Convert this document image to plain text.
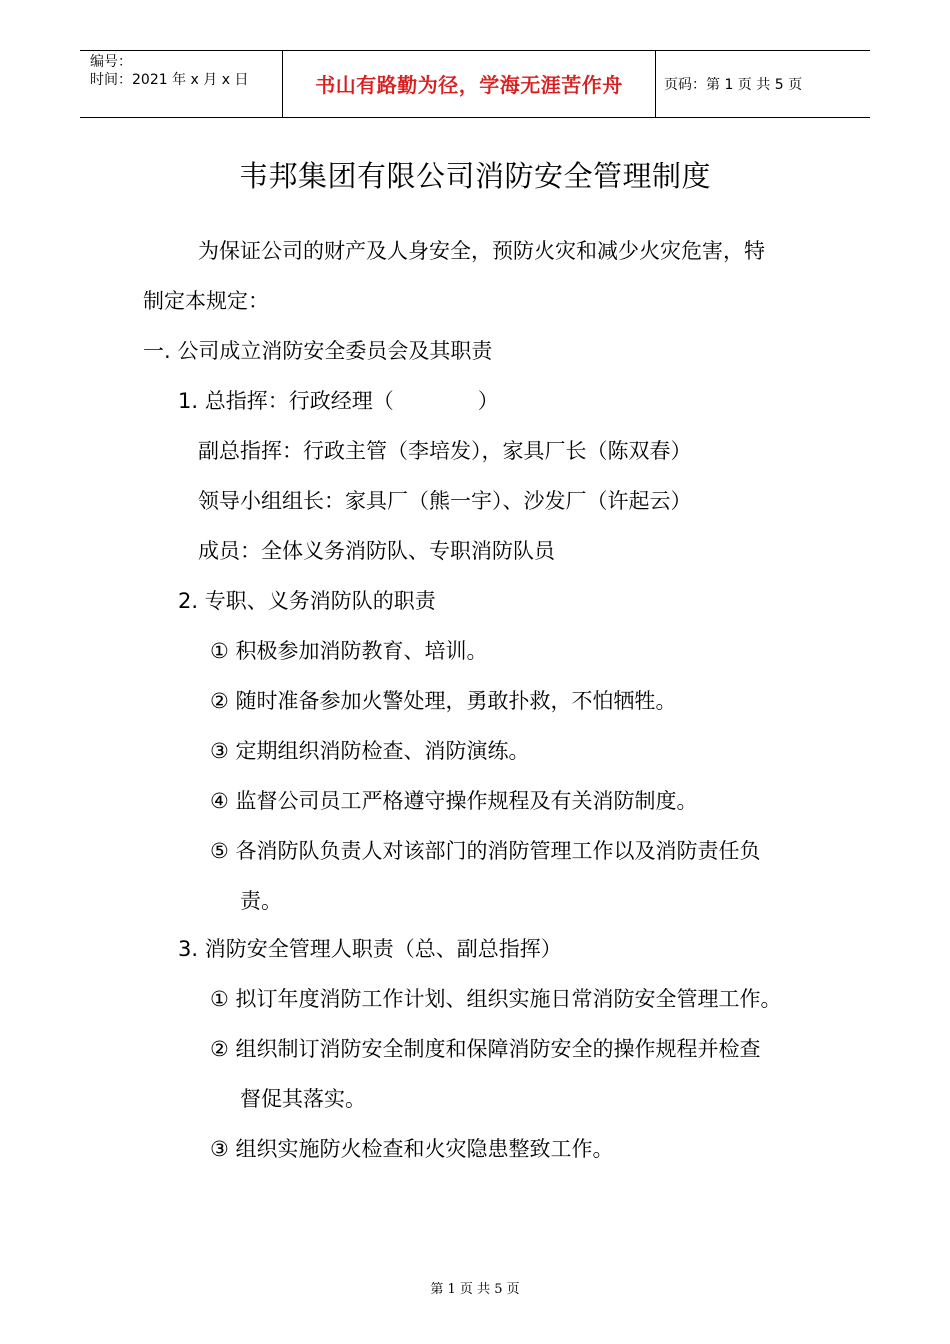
编号：
时间：2021 年 x 月 x 日	书山有路勤为径，学海无涯苦作舟	页码：第 1 页 共 5 页
韦邦集团有限公司消防安全管理制度
为保证公司的财产及人身安全，预防火灾和减少火灾危害，特
制定本规定：
一. 公司成立消防安全委员会及其职责
1. 总指挥：行政经理（　　　　）
副总指挥：行政主管（李培发），家具厂长（陈双春）
领导小组组长：家具厂（熊一宇）、沙发厂（许起云）
成员：全体义务消防队、专职消防队员
2. 专职、义务消防队的职责
① 积极参加消防教育、培训。
② 随时准备参加火警处理，勇敢扑救，不怕牺牲。
③ 定期组织消防检查、消防演练。
④ 监督公司员工严格遵守操作规程及有关消防制度。
⑤ 各消防队负责人对该部门的消防管理工作以及消防责任负
责。
3. 消防安全管理人职责（总、副总指挥）
① 拟订年度消防工作计划、组织实施日常消防安全管理工作。
② 组织制订消防安全制度和保障消防安全的操作规程并检查
督促其落实。
③ 组织实施防火检查和火灾隐患整致工作。
第 1 页 共 5 页
